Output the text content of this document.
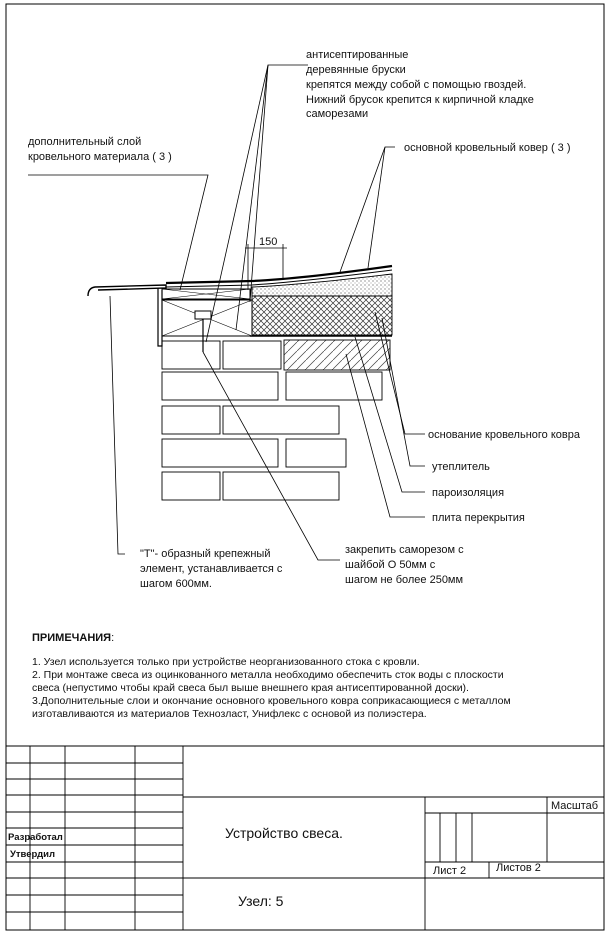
150
антисептированные
деревянные бруски
крепятся между собой с помощью гвоздей.
Нижний брусок крепится к кирпичной кладке
саморезами
дополнительный слой
кровельного материала ( 3 )
основной кровельный ковер ( 3 )
основание кровельного ковра
утеплитель
пароизоляция
плита перекрытия
"Т"- образный крепежный
элемент, устанавливается с
шагом 600мм.
закрепить саморезом с
шайбой О 50мм с
шагом не более 250мм
ПРИМЕЧАНИЯ:
1. Узел используется только при устройстве неорганизованного стока с кровли.
2. При монтаже свеса из оцинкованного металла необходимо обеспечить сток воды с плоскости
свеса (непустимо чтобы край свеса был выше внешнего края антисептированной доски).
3.Дополнительные слои и окончание основного кровельного ковра соприкасающиеся с металлом
изготавливаются из материалов Технозласт, Унифлекс с основой из полиэстера.
Масштаб
Разработал
Утвердил
Устройство свеса.
Лист 2	Листов 2
Узел: 5
